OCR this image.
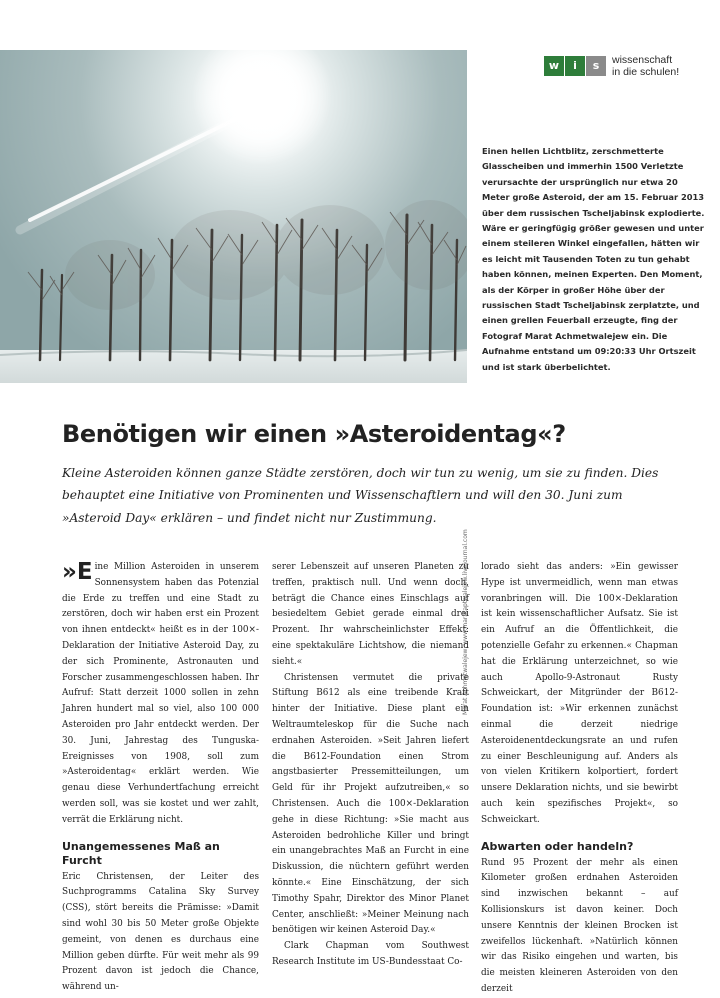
Marat Achmetwalejew, www.marataptwalejew.livejournal.com
w	i	s	wissenschaft
in die schulen!

Einen hellen Lichtblitz, zerschmetterte Glasscheiben und immerhin 1500 Verletzte verursachte der ursprünglich nur etwa 20 Meter große Asteroid, der am 15. Februar 2013 über dem russischen Tscheljabinsk explodierte. Wäre er geringfügig größer gewesen und unter einem steileren Winkel eingefallen, hätten wir es leicht mit Tausenden Toten zu tun gehabt haben können, meinen Experten. Den Moment, als der Körper in großer Höhe über der russischen Stadt Tscheljabinsk zerplatzte, und einen grellen Feuerball erzeugte, fing der Fotograf Marat Achmetwalejew ein. Die Aufnahme entstand um 09:20:33 Uhr Ortszeit und ist stark überbelichtet.

Benötigen wir einen »Asteroidentag«?

Kleine Asteroiden können ganze Städte zerstören, doch wir tun zu wenig, um sie zu finden. Dies behauptet eine Initiative von Prominenten und Wissenschaftlern und will den 30. Juni zum »Asteroid Day« erklären – und findet nicht nur Zustimmung.

»E ine Million Asteroiden in unserem Sonnensystem haben das Potenzial die Erde zu treffen und eine Stadt zu zerstören, doch wir haben erst ein Prozent von ihnen entdeckt« heißt es in der 100×-Deklaration der Initiative Asteroid Day, zu der sich Prominente, Astronauten und Forscher zusammengeschlossen haben. Ihr Aufruf: Statt derzeit 1000 sollen in zehn Jahren hundert mal so viel, also 100 000 Asteroiden pro Jahr entdeckt werden. Der 30. Juni, Jahrestag des Tunguska-Ereignisses von 1908, soll zum »Asteroidentag« erklärt werden. Wie genau diese Verhundertfachung erreicht werden soll, was sie kostet und wer zahlt, verrät die Erklärung nicht.

Unangemessenes Maß an Furcht

Eric Christensen, der Leiter des Suchprogramms Catalina Sky Survey (CSS), stört bereits die Prämisse: »Damit sind wohl 30 bis 50 Meter große Objekte gemeint, von denen es durchaus eine Million geben dürfte. Für weit mehr als 99 Prozent davon ist jedoch die Chance, während un-

serer Lebenszeit auf unseren Planeten zu treffen, praktisch null. Und wenn doch, beträgt die Chance eines Einschlags auf besiedeltem Gebiet gerade einmal drei Prozent. Ihr wahrscheinlichster Effekt: eine spektakuläre Lichtshow, die niemand sieht.«

Christensen vermutet die private Stiftung B612 als eine treibende Kraft hinter der Initiative. Diese plant ein Weltraumteleskop für die Suche nach erdnahen Asteroiden. »Seit Jahren liefert die B612-Foundation einen Strom angstbasierter Pressemitteilungen, um Geld für ihr Projekt aufzutreiben,« so Christensen. Auch die 100×-Deklaration gehe in diese Richtung: »Sie macht aus Asteroiden bedrohliche Killer und bringt ein unangebrachtes Maß an Furcht in eine Diskussion, die nüchtern geführt werden könnte.« Eine Einschätzung, der sich Timothy Spahr, Direktor des Minor Planet Center, anschließt: »Meiner Meinung nach benötigen wir keinen Asteroid Day.«

Clark Chapman vom Southwest Research Institute im US-Bundesstaat Co-

lorado sieht das anders: »Ein gewisser Hype ist unvermeidlich, wenn man etwas voranbringen will. Die 100×-Deklaration ist kein wissenschaftlicher Aufsatz. Sie ist ein Aufruf an die Öffentlichkeit, die potenzielle Gefahr zu erkennen.« Chapman hat die Erklärung unterzeichnet, so wie auch Apollo-9-Astronaut Rusty Schweickart, der Mitgründer der B612-Foundation ist: »Wir erkennen zunächst einmal die derzeit niedrige Asteroidenentdeckungsrate an und rufen zu einer Beschleunigung auf. Anders als von vielen Kritikern kolportiert, fordert unsere Deklaration nichts, und sie bewirbt auch kein spezifisches Projekt«, so Schweickart.

Abwarten oder handeln?

Rund 95 Prozent der mehr als einen Kilometer großen erdnahen Asteroiden sind inzwischen bekannt – auf Kollisionskurs ist davon keiner. Doch unsere Kenntnis der kleinen Brocken ist zweifellos lückenhaft. »Natürlich können wir das Risiko eingehen und warten, bis die meisten kleineren Asteroiden von den derzeit
